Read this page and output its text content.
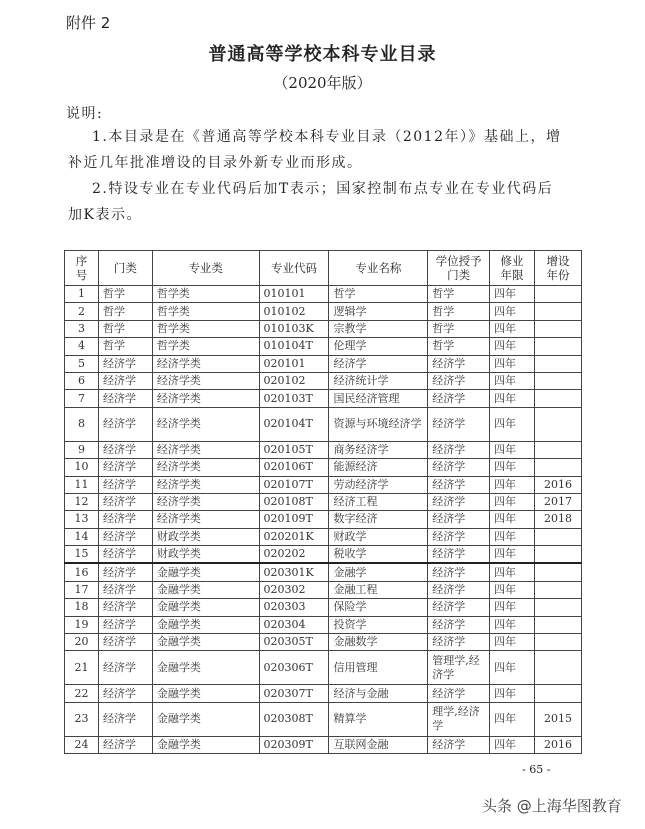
附件 2
普通高等学校本科专业目录
（2020年版）
说明:
1.本目录是在《普通高等学校本科专业目录（2012年）》基础上，增
补近几年批准增设的目录外新专业而形成。
2.特设专业在专业代码后加T表示；国家控制布点专业在专业代码后
加K表示。
序号	门类	专业类	专业代码	专业名称	学位授予门类	修业年限	增设年份
1	哲学	哲学类	010101	哲学	哲学	四年	
2	哲学	哲学类	010102	逻辑学	哲学	四年	
3	哲学	哲学类	010103K	宗教学	哲学	四年	
4	哲学	哲学类	010104T	伦理学	哲学	四年	
5	经济学	经济学类	020101	经济学	经济学	四年	
6	经济学	经济学类	020102	经济统计学	经济学	四年	
7	经济学	经济学类	020103T	国民经济管理	经济学	四年	
8	经济学	经济学类	020104T	资源与环境经济学	经济学	四年	
9	经济学	经济学类	020105T	商务经济学	经济学	四年	
10	经济学	经济学类	020106T	能源经济	经济学	四年	
11	经济学	经济学类	020107T	劳动经济学	经济学	四年	2016
12	经济学	经济学类	020108T	经济工程	经济学	四年	2017
13	经济学	经济学类	020109T	数字经济	经济学	四年	2018
14	经济学	财政学类	020201K	财政学	经济学	四年	
15	经济学	财政学类	020202	税收学	经济学	四年	
16	经济学	金融学类	020301K	金融学	经济学	四年	
17	经济学	金融学类	020302	金融工程	经济学	四年	
18	经济学	金融学类	020303	保险学	经济学	四年	
19	经济学	金融学类	020304	投资学	经济学	四年	
20	经济学	金融学类	020305T	金融数学	经济学	四年	
21	经济学	金融学类	020306T	信用管理	管理学,经济学	四年	
22	经济学	金融学类	020307T	经济与金融	经济学	四年	
23	经济学	金融学类	020308T	精算学	理学,经济学	四年	2015
24	经济学	金融学类	020309T	互联网金融	经济学	四年	2016
- 65 -
头条 @上海华图教育
